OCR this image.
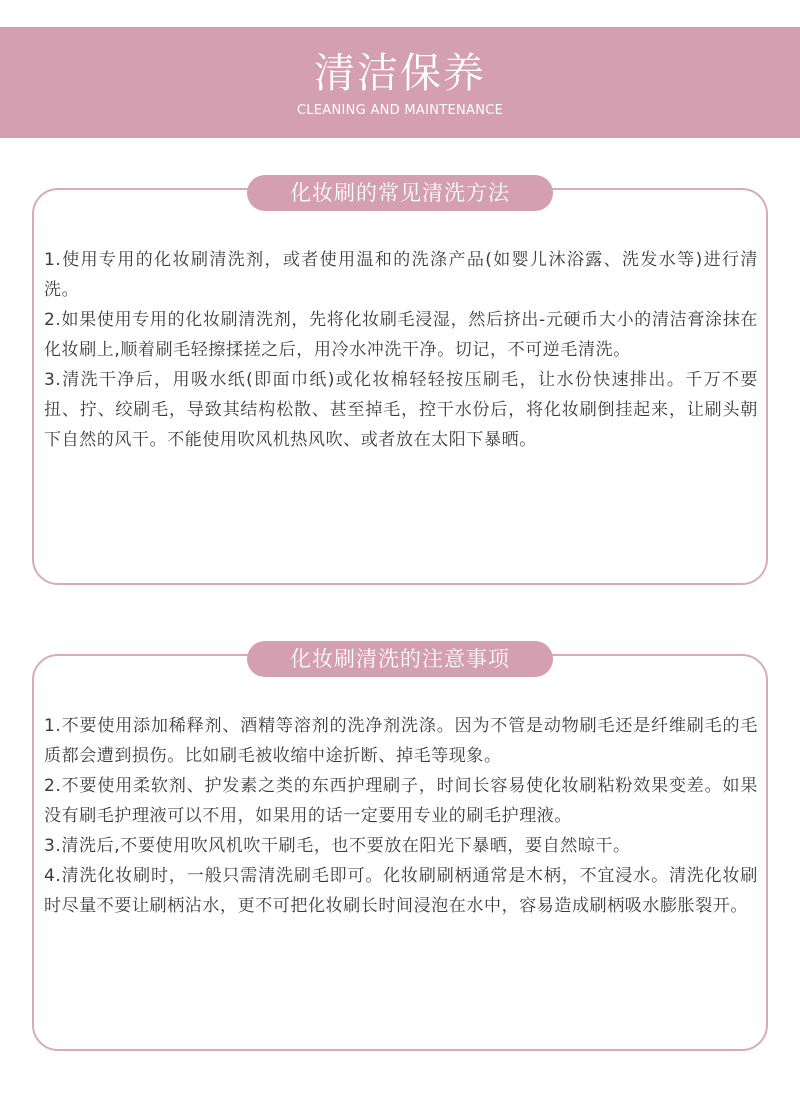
清洁保养
CLEANING AND MAINTENANCE
化妆刷的常见清洗方法

1.使用专用的化妆刷清洗剂，或者使用温和的洗涤产品(如婴儿沐浴露、洗发水等)进行清洗。

2.如果使用专用的化妆刷清洗剂，先将化妆刷毛浸湿，然后挤出-元硬币大小的清洁膏涂抹在化妆刷上,顺着刷毛轻擦揉搓之后，用冷水冲洗干净。切记，不可逆毛清洗。

3.清洗干净后，用吸水纸(即面巾纸)或化妆棉轻轻按压刷毛，让水份快速排出。千万不要扭、拧、绞刷毛，导致其结构松散、甚至掉毛，控干水份后，将化妆刷倒挂起来，让刷头朝下自然的风干。不能使用吹风机热风吹、或者放在太阳下暴晒。

化妆刷清洗的注意事项

1.不要使用添加稀释剂、酒精等溶剂的洗净剂洗涤。因为不管是动物刷毛还是纤维刷毛的毛质都会遭到损伤。比如刷毛被收缩中途折断、掉毛等现象。

2.不要使用柔软剂、护发素之类的东西护理刷子，时间长容易使化妆刷粘粉效果变差。如果没有刷毛护理液可以不用，如果用的话一定要用专业的刷毛护理液。

3.清洗后,不要使用吹风机吹干刷毛，也不要放在阳光下暴晒，要自然晾干。

4.清洗化妆刷时，一般只需清洗刷毛即可。化妆刷刷柄通常是木柄，不宜浸水。清洗化妆刷时尽量不要让刷柄沾水，更不可把化妆刷长时间浸泡在水中，容易造成刷柄吸水膨胀裂开。
